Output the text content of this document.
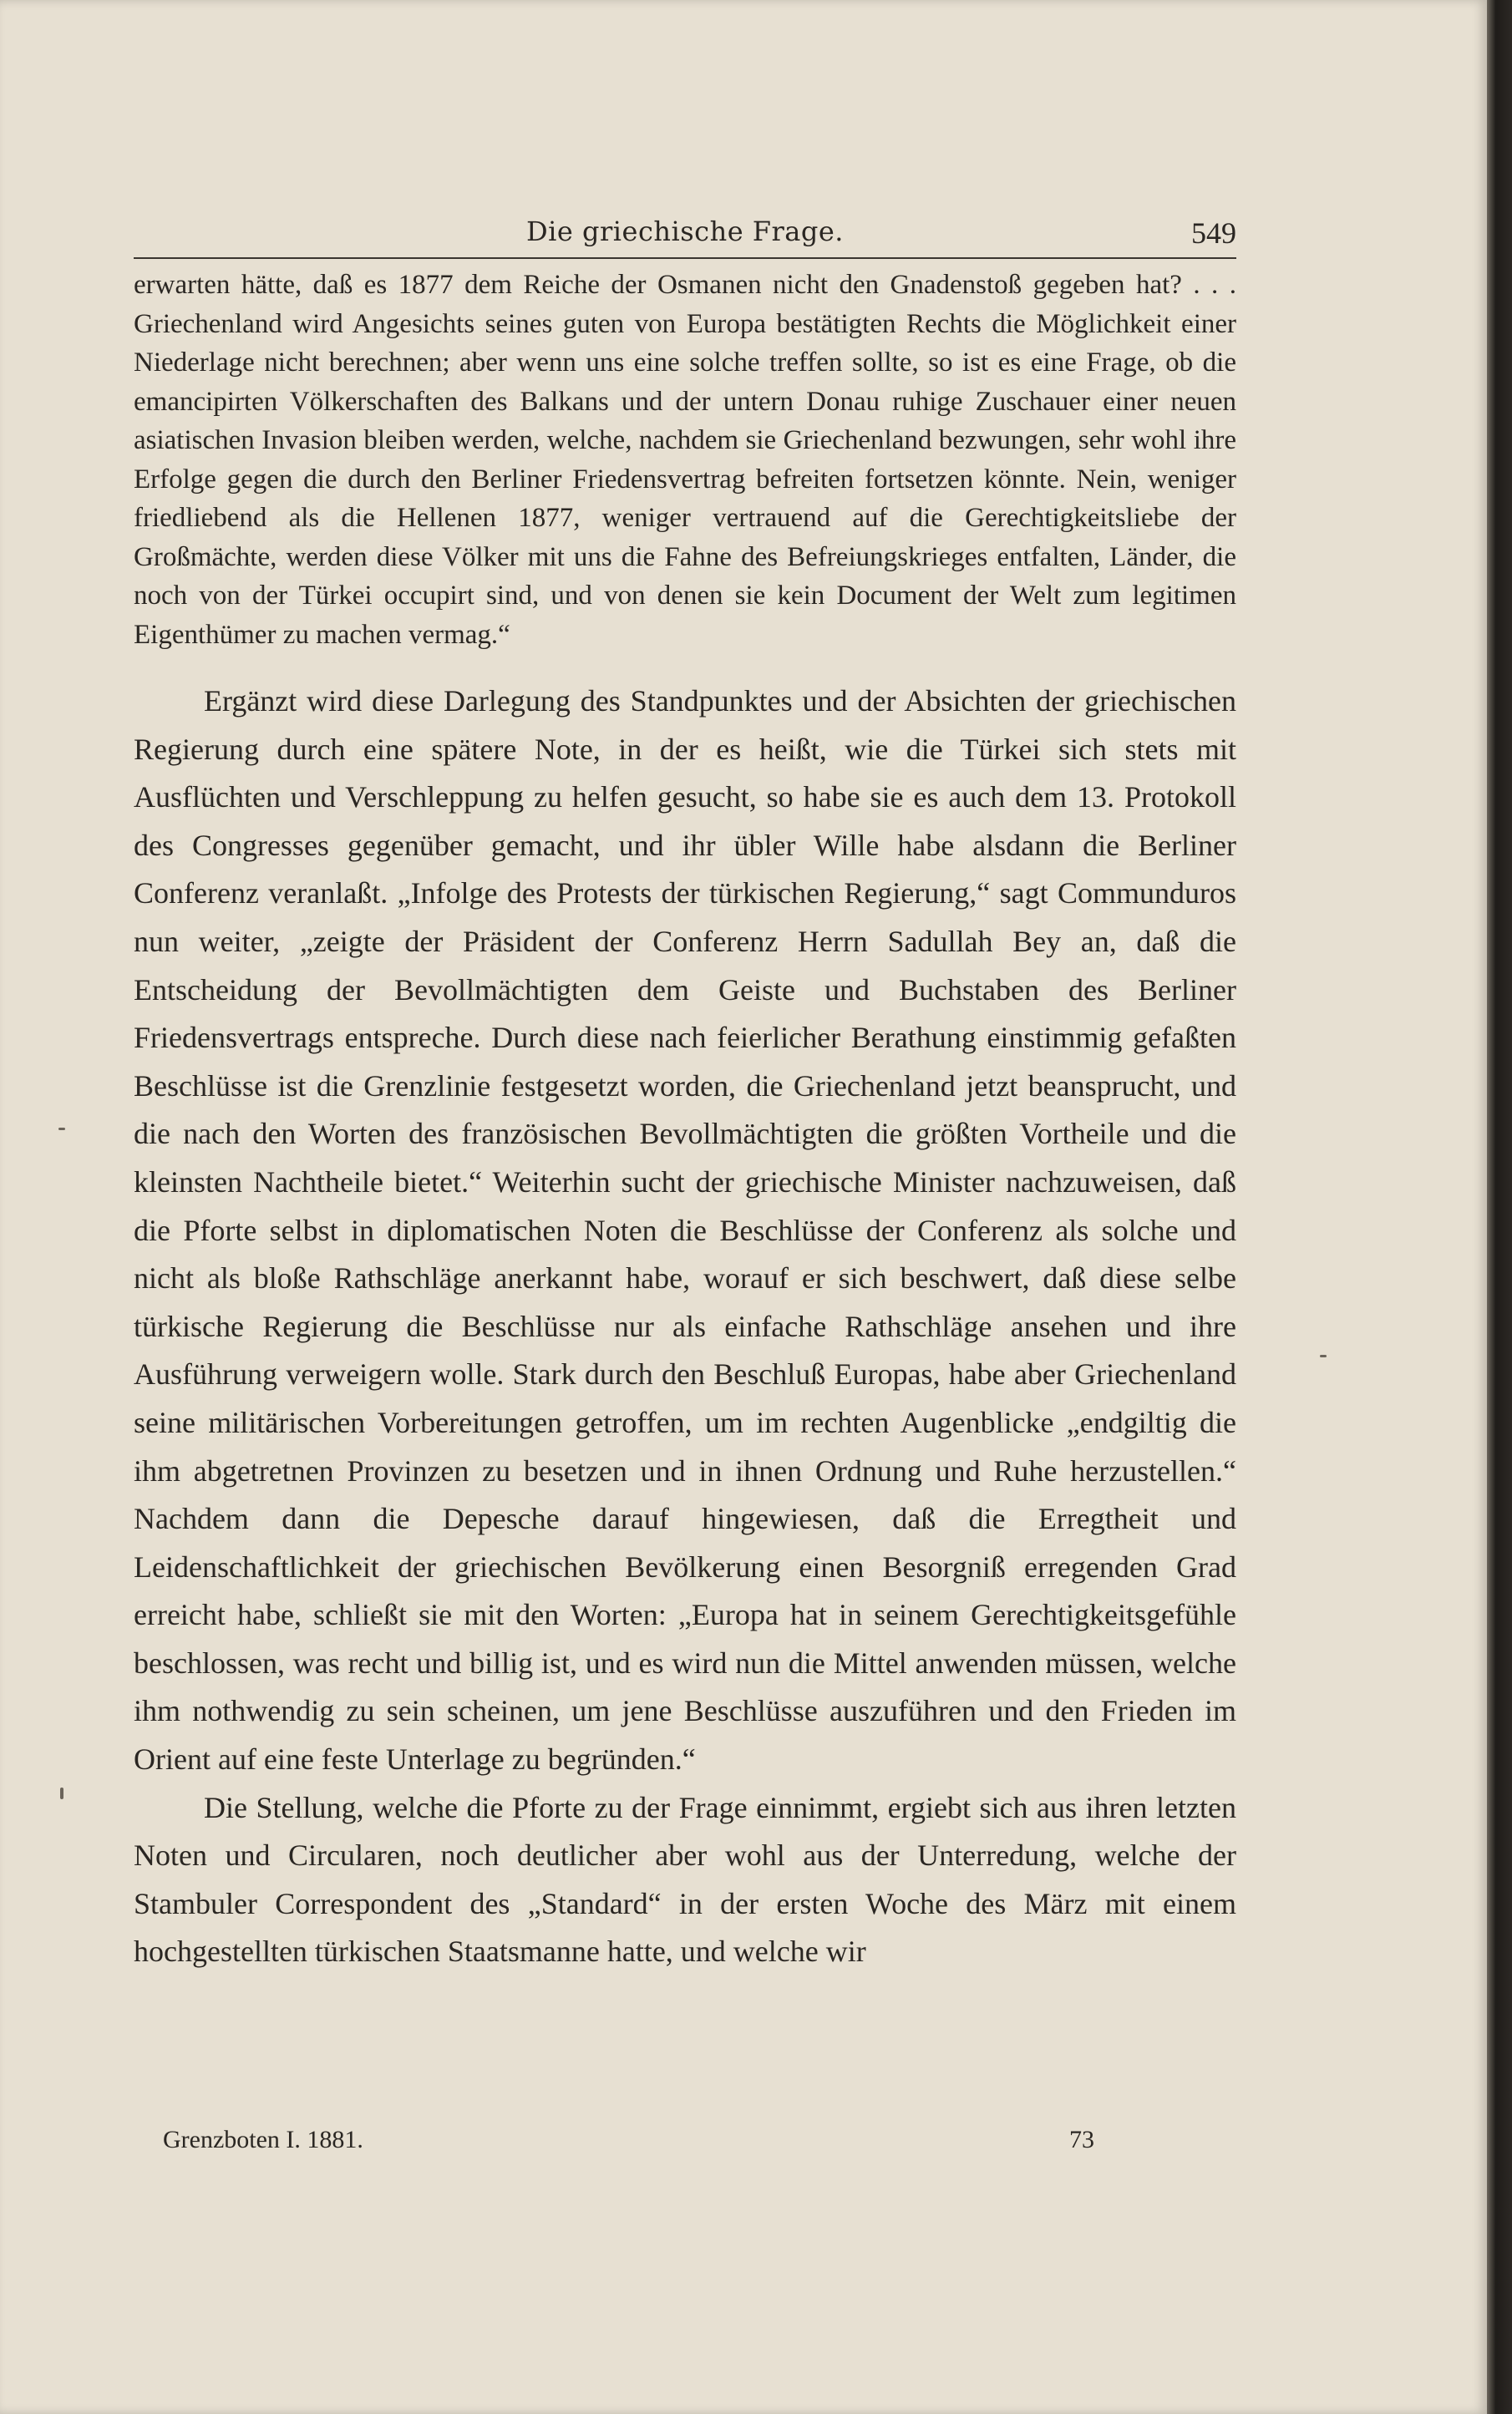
Die griechische Frage.	549

erwarten hätte, daß es 1877 dem Reiche der Osmanen nicht den Gnadenstoß gegeben hat? . . . Griechenland wird Angesichts seines guten von Europa bestätigten Rechts die Möglichkeit einer Niederlage nicht berechnen; aber wenn uns eine solche treffen sollte, so ist es eine Frage, ob die emancipirten Völkerschaften des Balkans und der untern Donau ruhige Zuschauer einer neuen asiatischen Invasion bleiben werden, welche, nachdem sie Griechenland bezwungen, sehr wohl ihre Erfolge gegen die durch den Berliner Friedensvertrag befreiten fortsetzen könnte. Nein, weniger friedliebend als die Hellenen 1877, weniger vertrauend auf die Gerechtigkeitsliebe der Großmächte, werden diese Völker mit uns die Fahne des Befreiungskrieges entfalten, Länder, die noch von der Türkei occupirt sind, und von denen sie kein Document der Welt zum legitimen Eigenthümer zu machen vermag.“

Ergänzt wird diese Darlegung des Standpunktes und der Absichten der griechischen Regierung durch eine spätere Note, in der es heißt, wie die Türkei sich stets mit Ausflüchten und Verschleppung zu helfen gesucht, so habe sie es auch dem 13. Protokoll des Congresses gegenüber gemacht, und ihr übler Wille habe alsdann die Berliner Conferenz veranlaßt. „Infolge des Protests der türkischen Regierung,“ sagt Communduros nun weiter, „zeigte der Präsident der Conferenz Herrn Sadullah Bey an, daß die Entscheidung der Bevollmächtigten dem Geiste und Buchstaben des Berliner Friedensvertrags entspreche. Durch diese nach feierlicher Berathung einstimmig gefaßten Beschlüsse ist die Grenzlinie festgesetzt worden, die Griechenland jetzt beansprucht, und die nach den Worten des französischen Bevollmächtigten die größten Vortheile und die kleinsten Nachtheile bietet.“ Weiterhin sucht der griechische Minister nachzuweisen, daß die Pforte selbst in diplomatischen Noten die Beschlüsse der Conferenz als solche und nicht als bloße Rathschläge anerkannt habe, worauf er sich beschwert, daß diese selbe türkische Regierung die Beschlüsse nur als einfache Rathschläge ansehen und ihre Ausführung verweigern wolle. Stark durch den Beschluß Europas, habe aber Griechenland seine militärischen Vorbereitungen getroffen, um im rechten Augenblicke „endgiltig die ihm abgetretnen Provinzen zu besetzen und in ihnen Ordnung und Ruhe herzustellen.“ Nachdem dann die Depesche darauf hingewiesen, daß die Erregtheit und Leidenschaftlichkeit der griechischen Bevölkerung einen Besorgniß erregenden Grad erreicht habe, schließt sie mit den Worten: „Europa hat in seinem Gerechtigkeitsgefühle beschlossen, was recht und billig ist, und es wird nun die Mittel anwenden müssen, welche ihm nothwendig zu sein scheinen, um jene Beschlüsse auszuführen und den Frieden im Orient auf eine feste Unterlage zu begründen.“

Die Stellung, welche die Pforte zu der Frage einnimmt, ergiebt sich aus ihren letzten Noten und Circularen, noch deutlicher aber wohl aus der Unterredung, welche der Stambuler Correspondent des „Standard“ in der ersten Woche des März mit einem hochgestellten türkischen Staatsmanne hatte, und welche wir

Grenzboten I. 1881.	73
